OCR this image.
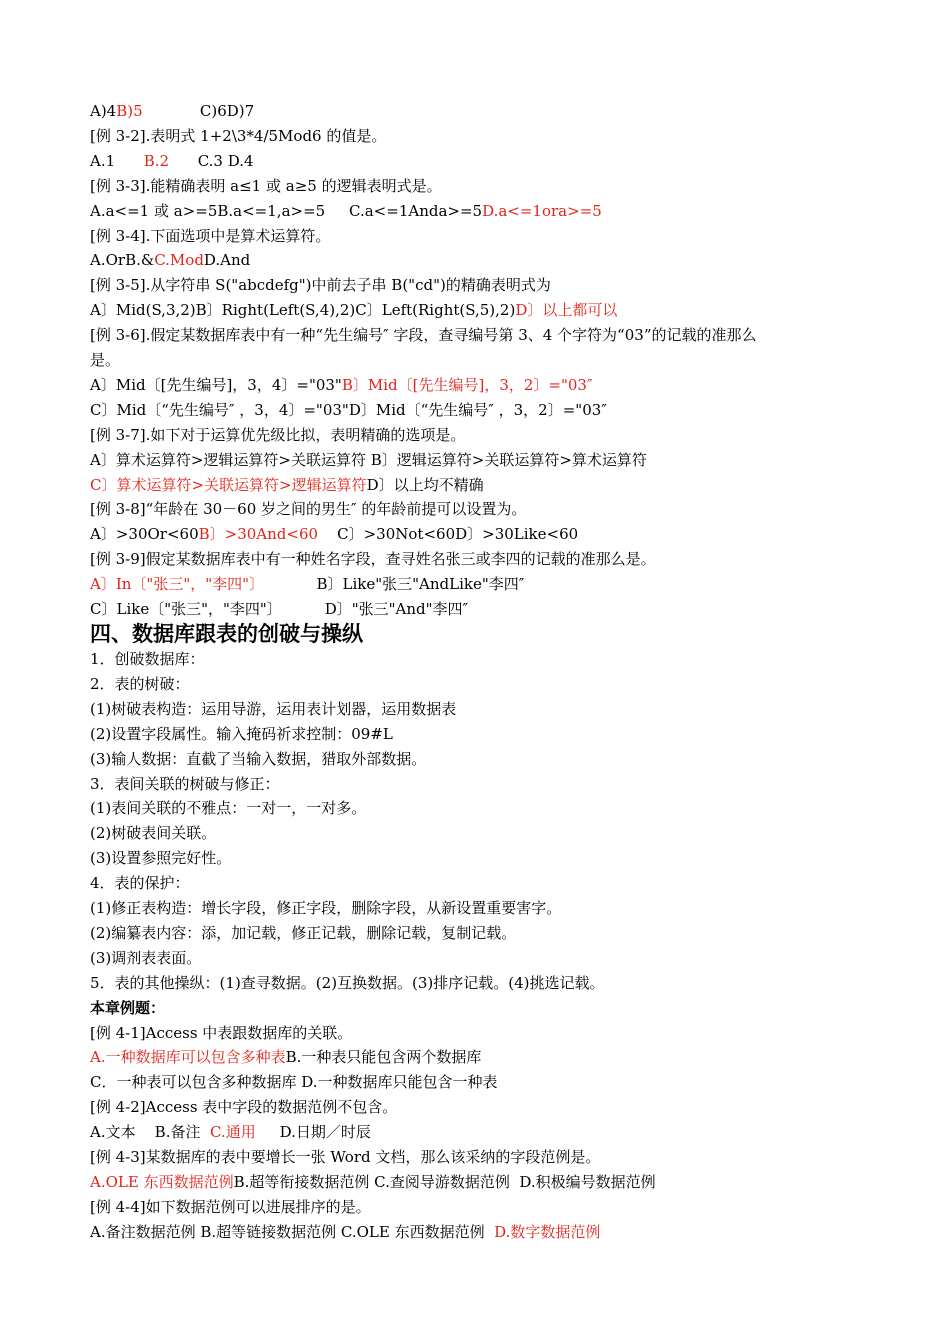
A)4B)5            C)6D)7
[例 3-2].表明式 1+2\3*4/5Mod6 的值是。
A.1      B.2      C.3 D.4
[例 3-3].能精确表明 a≤1 或 a≥5 的逻辑表明式是。
A.a<=1 或 a>=5B.a<=1,a>=5     C.a<=1Anda>=5D.a<=1ora>=5
[例 3-4].下面选项中是算术运算符。
A.OrB.&C.ModD.And
[例 3-5].从字符串 S("abcdefg")中前去子串 B("cd")的精确表明式为
A〕Mid(S,3,2)B〕Right(Left(S,4),2)C〕Left(Right(S,5),2)D〕以上都可以
[例 3-6].假定某数据库表中有一种“先生编号″ 字段，查寻编号第 3、4 个字符为“03”的记载的准那么
是。
A〕Mid〔[先生编号]，3，4〕="03"B〕Mid〔[先生编号]，3，2〕="03″
C〕Mid〔“先生编号″ ，3，4〕="03"D〕Mid〔“先生编号″ ，3，2〕="03″
[例 3-7].如下对于运算优先级比拟，表明精确的选项是。
A〕算术运算符>逻辑运算符>关联运算符 B〕逻辑运算符>关联运算符>算术运算符
C〕算术运算符>关联运算符>逻辑运算符D〕以上均不精确
[例 3-8]“年龄在 30－60 岁之间的男生″ 的年龄前提可以设置为。
A〕>30Or<60B〕>30And<60    C〕>30Not<60D〕>30Like<60
[例 3-9]假定某数据库表中有一种姓名字段，查寻姓名张三或李四的记载的准那么是。
A〕In〔"张三"，"李四"〕           B〕Like"张三"AndLike"李四″
C〕Like〔"张三"，"李四"〕         D〕"张三"And"李四″
四、数据库跟表的创破与操纵
1．创破数据库：
2．表的树破：
(1)树破表构造：运用导游，运用表计划器，运用数据表
(2)设置字段属性。输入掩码祈求控制：09#L
(3)输人数据：直截了当输入数据，猎取外部数据。
3．表间关联的树破与修正：
(1)表间关联的不雅点：一对一，一对多。
(2)树破表间关联。
(3)设置参照完好性。
4．表的保护：
(1)修正表构造：增长字段，修正字段，删除字段，从新设置重要害字。
(2)编纂表内容：添，加记载，修正记载，删除记载，复制记载。
(3)调剂表表面。
5．表的其他操纵：(1)查寻数据。(2)互换数据。(3)排序记载。(4)挑选记载。
本章例题：
[例 4-1]Access 中表跟数据库的关联。
A.一种数据库可以包含多种表B.一种表只能包含两个数据库
C．一种表可以包含多种数据库 D.一种数据库只能包含一种表
[例 4-2]Access 表中字段的数据范例不包含。
A.文本    B.备注  C.通用     D.日期／时辰
[例 4-3]某数据库的表中要增长一张 Word 文档，那么该采纳的字段范例是。
A.OLE 东西数据范例B.超等衔接数据范例 C.查阅导游数据范例  D.积极编号数据范例
[例 4-4]如下数据范例可以进展排序的是。
A.备注数据范例 B.超等链接数据范例 C.OLE 东西数据范例  D.数字数据范例
